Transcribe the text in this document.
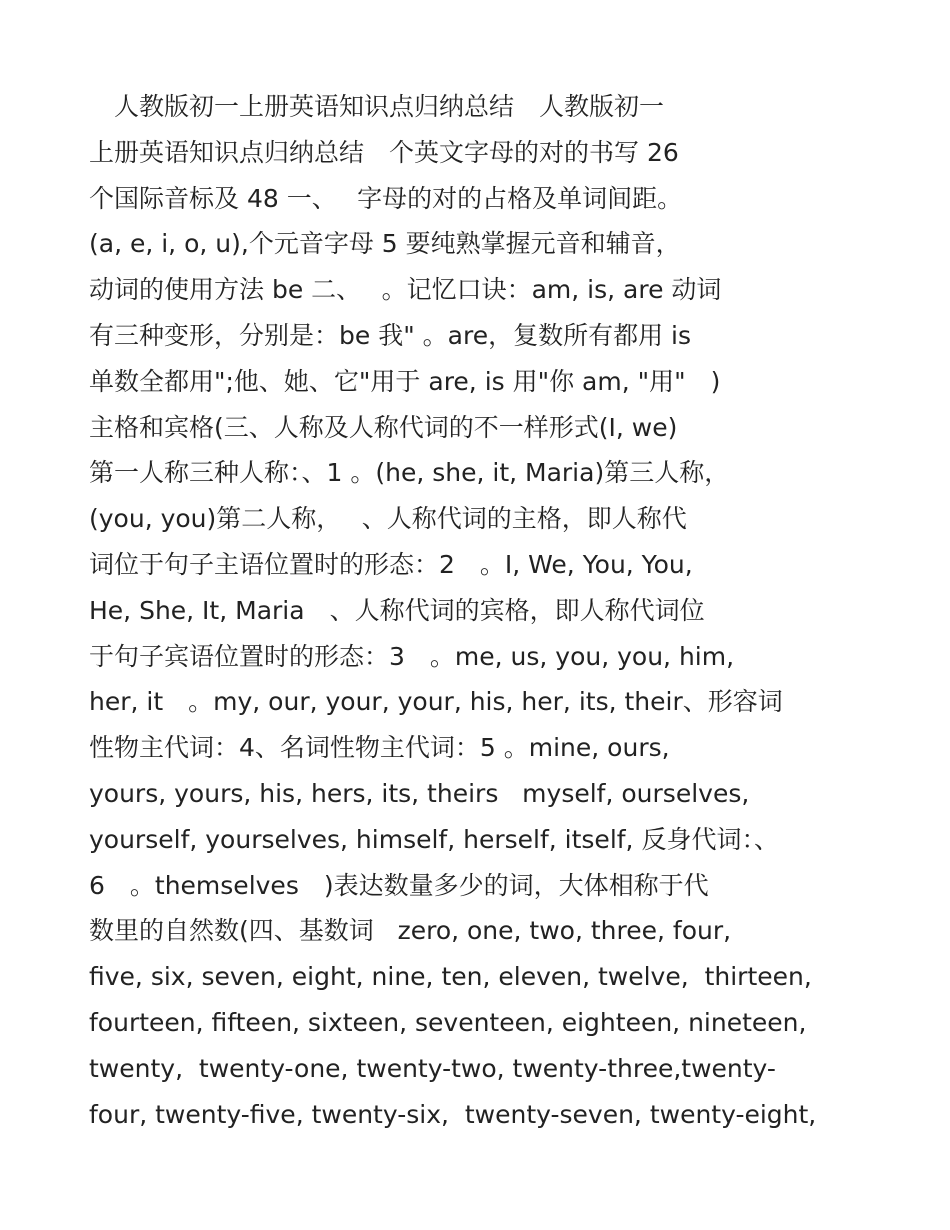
　人教版初一上册英语知识点归纳总结　人教版初一
上册英语知识点归纳总结　个英文字母的对的书写 26
个国际音标及 48 一、　 字母的对的占格及单词间距。
(a, e, i, o, u),个元音字母 5 要纯熟掌握元音和辅音，
动词的使用方法 be 二、　 。记忆口诀：am, is, are 动词
有三种变形，分别是：be 我" 。are，复数所有都用 is
单数全都用";他、她、它"用于 are, is 用"你 am, "用"　)
主格和宾格(三、人称及人称代词的不一样形式(I, we)
第一人称三种人称：、1 。(he, she, it, Maria)第三人称，
(you, you)第二人称，　 、人称代词的主格，即人称代
词位于句子主语位置时的形态：2　。I, We, You, You,
He, She, It, Maria　、人称代词的宾格，即人称代词位
于句子宾语位置时的形态：3　。me, us, you, you, him,
her, it　。my, our, your, your, his, her, its, their、形容词
性物主代词：4、名词性物主代词：5 。mine, ours,
yours, yours, his, hers, its, theirs   myself, ourselves,
yourself, yourselves, himself, herself, itself, 反身代词：、
6　。themselves　)表达数量多少的词，大体相称于代
数里的自然数(四、基数词   zero, one, two, three, four,
five, six, seven, eight, nine, ten, eleven, twelve,  thirteen,
fourteen, fifteen, sixteen, seventeen, eighteen, nineteen,
twenty,  twenty-one, twenty-two, twenty-three,twenty-
four, twenty-five, twenty-six,  twenty-seven, twenty-eight,
